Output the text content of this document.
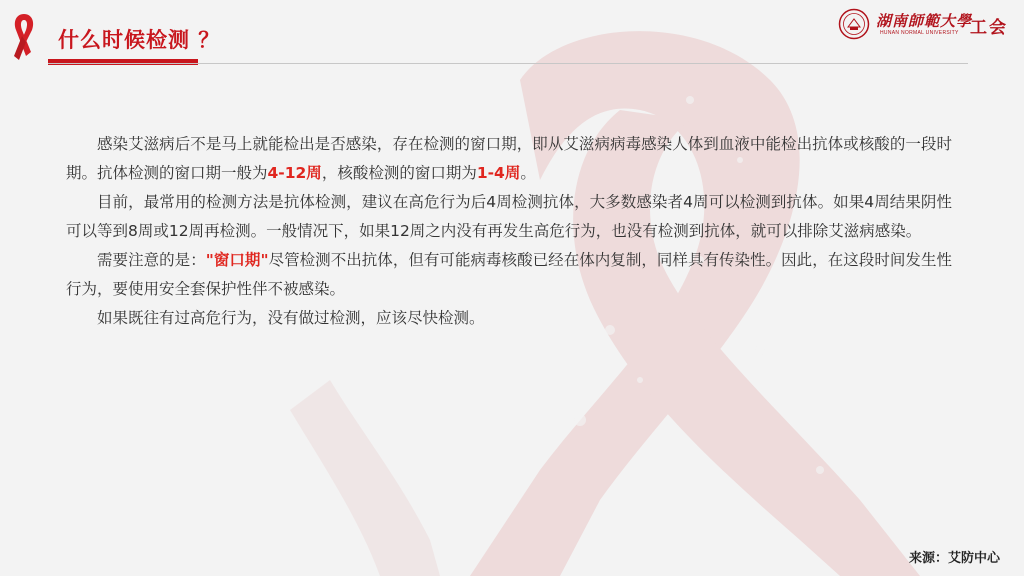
什么时候检测 ？
湖南師範大學
HUNAN NORMAL UNIVERSITY 工会

感染艾滋病后不是马上就能检出是否感染，存在检测的窗口期，即从艾滋病病毒感染人体到血液中能检出抗体或核酸的一段时期。抗体检测的窗口期一般为4-12周，核酸检测的窗口期为1-4周。

目前，最常用的检测方法是抗体检测，建议在高危行为后4周检测抗体，大多数感染者4周可以检测到抗体。如果4周结果阴性可以等到8周或12周再检测。一般情况下，如果12周之内没有再发生高危行为，也没有检测到抗体，就可以排除艾滋病感染。

需要注意的是："窗口期"尽管检测不出抗体，但有可能病毒核酸已经在体内复制，同样具有传染性。因此，在这段时间发生性行为，要使用安全套保护性伴不被感染。

如果既往有过高危行为，没有做过检测，应该尽快检测。

来源：艾防中心
